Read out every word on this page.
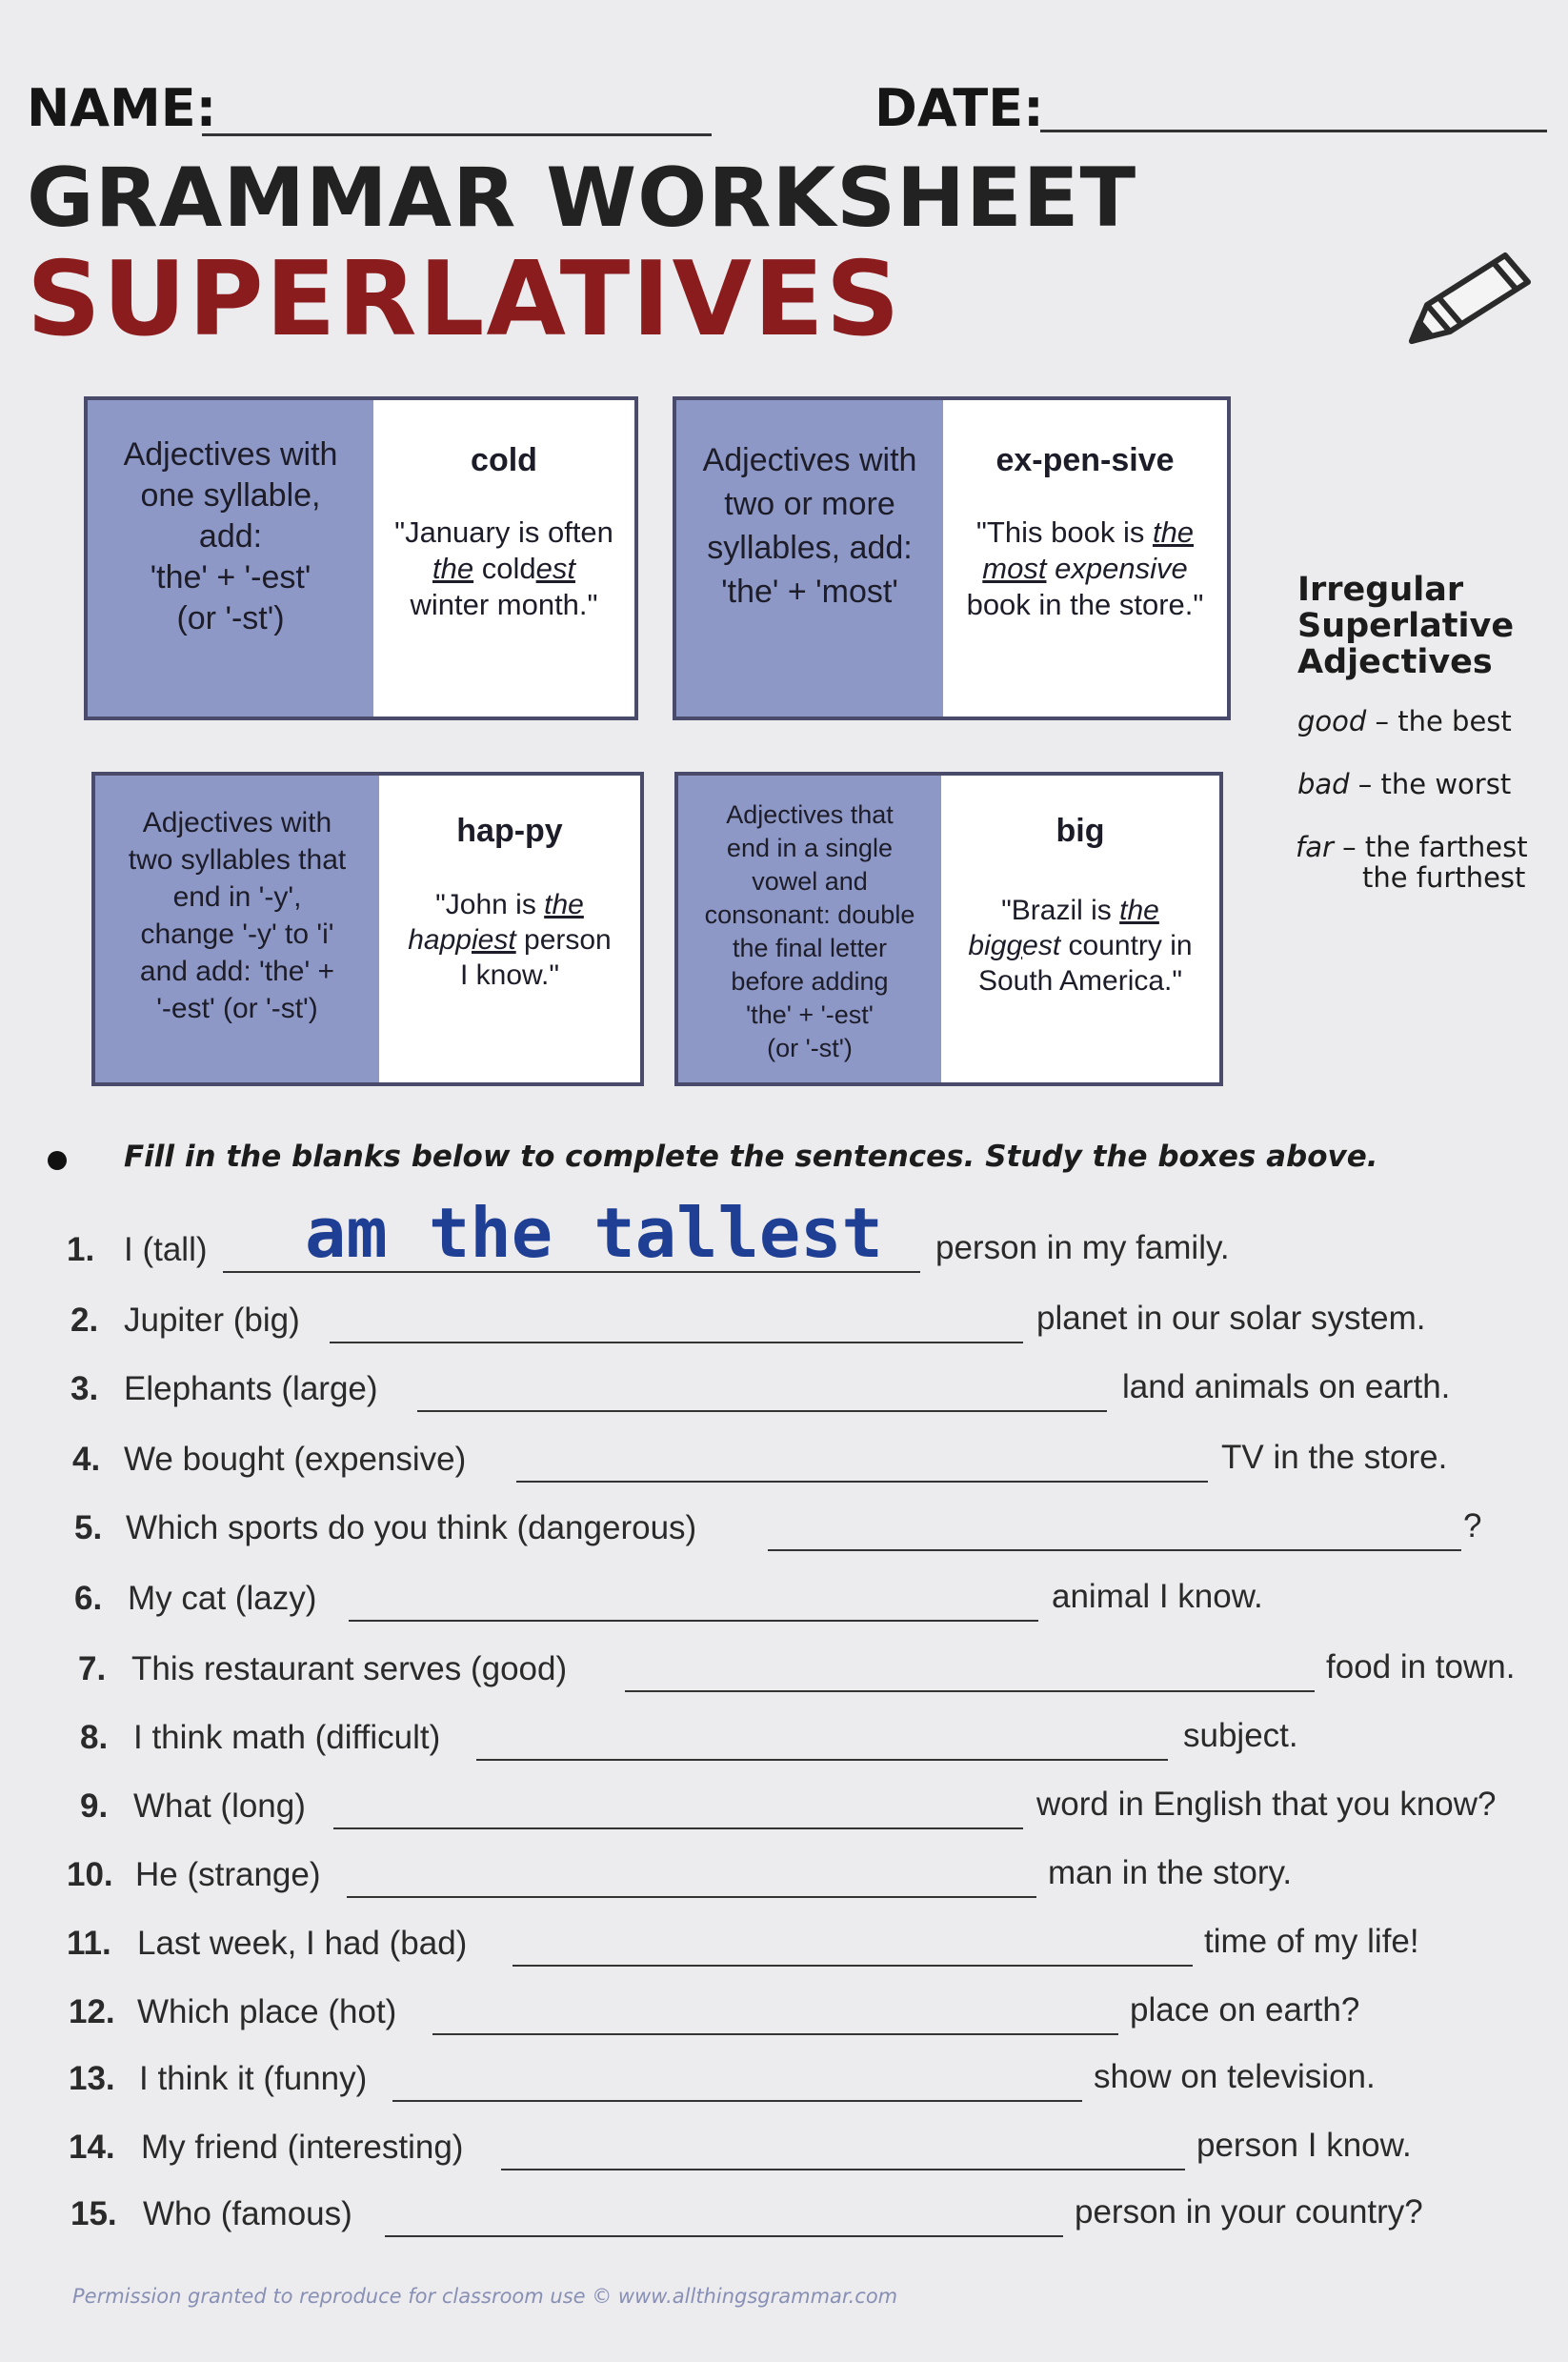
NAME:	DATE:
GRAMMAR WORKSHEET
SUPERLATIVES
Adjectives with
one syllable,
add:
'the' + '-est'
(or '-st')
cold
"January is often
the coldest
winter month."
Adjectives with
two or more
syllables, add:
'the' + 'most'
ex-pen-sive
"This book is the
most expensive
book in the store."
Adjectives with
two syllables that
end in '-y',
change '-y' to 'i'
and add: 'the' +
'-est' (or '-st')
hap-py
"John is the
happiest person
I know."
Adjectives that
end in a single
vowel and
consonant: double
the final letter
before adding
'the' + '-est'
(or '-st')
big
"Brazil is the
biggest country in
South America."
Irregular
Superlative
Adjectives
good – the best
bad – the worst
far – the farthest
the furthest
Fill in the blanks below to complete the sentences. Study the boxes above.
1. I (tall) am the tallest person in my family.
2. Jupiter (big)	planet in our solar system.
3. Elephants (large)	land animals on earth.
4. We bought (expensive)	TV in the store.
5. Which sports do you think (dangerous)	?
6. My cat (lazy)	animal I know.
7. This restaurant serves (good)	food in town.
8. I think math (difficult)	subject.
9. What (long)	word in English that you know?
10. He (strange)	man in the story.
11. Last week, I had (bad)	time of my life!
12. Which place (hot)	place on earth?
13. I think it (funny)	show on television.
14. My friend (interesting)	person I know.
15. Who (famous)	person in your country?
Permission granted to reproduce for classroom use © www.allthingsgrammar.com
